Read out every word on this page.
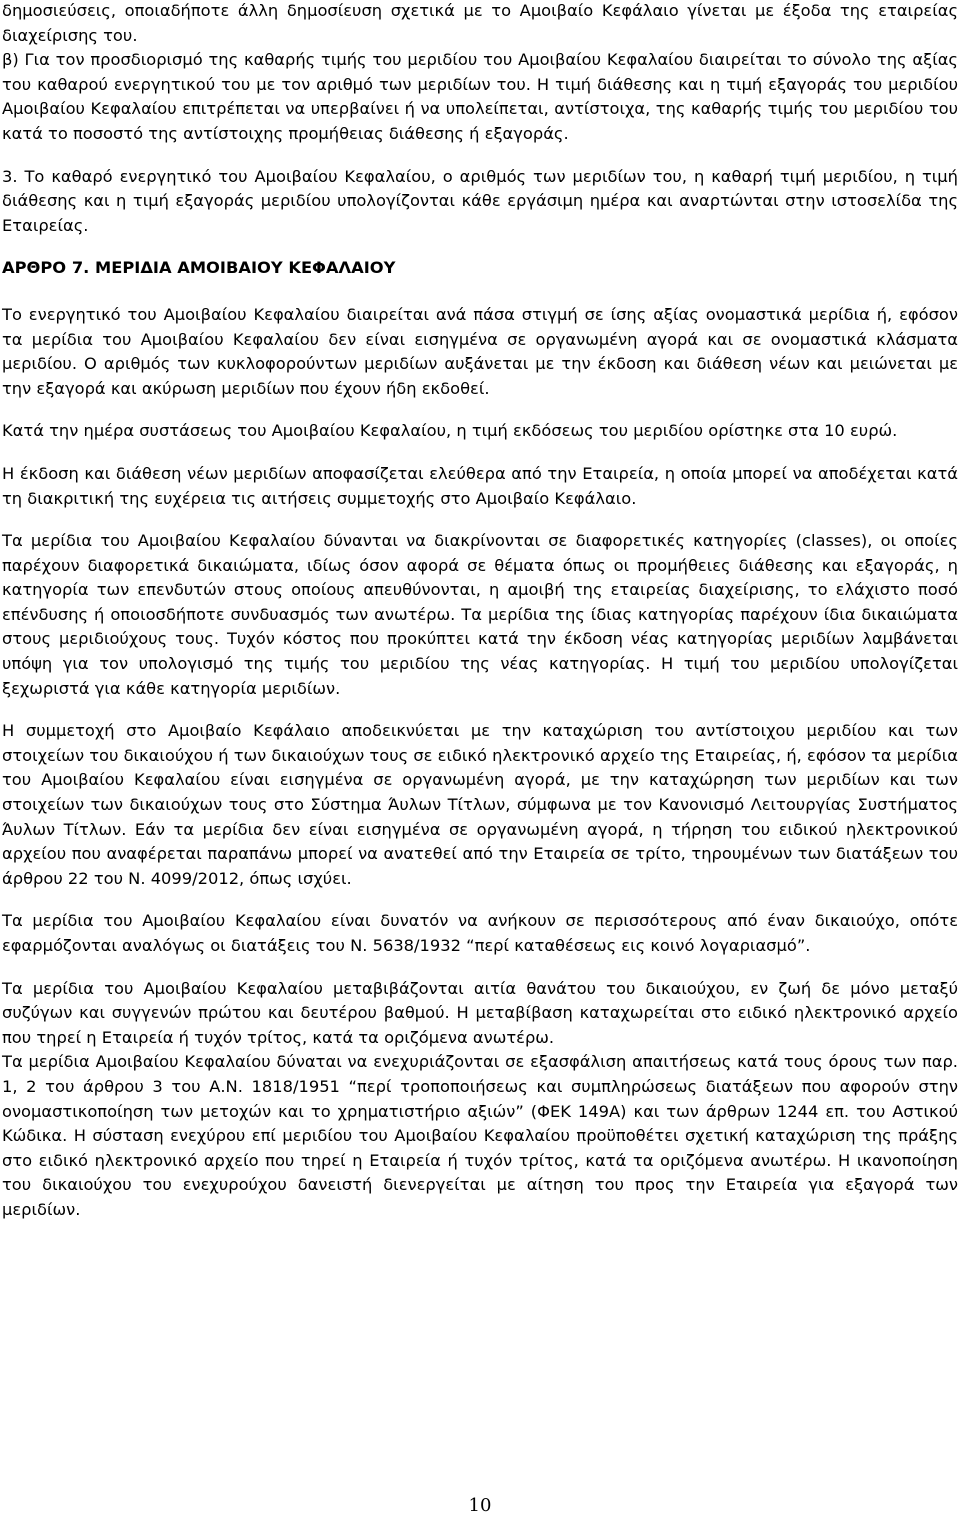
δημοσιεύσεις, οποιαδήποτε άλλη δημοσίευση σχετικά με το Αμοιβαίο Κεφάλαιο γίνεται με έξοδα της εταιρείας διαχείρισης του.

β) Για τον προσδιορισμό της καθαρής τιμής του μεριδίου του Αμοιβαίου Κεφαλαίου διαιρείται το σύνολο της αξίας του καθαρού ενεργητικού του με τον αριθμό των μεριδίων του. Η τιμή διάθεσης και η τιμή εξαγοράς του μεριδίου Αμοιβαίου Κεφαλαίου επιτρέπεται να υπερβαίνει ή να υπολείπεται, αντίστοιχα, της καθαρής τιμής του μεριδίου του κατά το ποσοστό της αντίστοιχης προμήθειας διάθεσης ή εξαγοράς.

3. Το καθαρό ενεργητικό του Αμοιβαίου Κεφαλαίου, ο αριθμός των μεριδίων του, η καθαρή τιμή μεριδίου, η τιμή διάθεσης και η τιμή εξαγοράς μεριδίου υπολογίζονται κάθε εργάσιμη ημέρα και αναρτώνται στην ιστοσελίδα της Εταιρείας.

ΑΡΘΡΟ 7. ΜΕΡΙΔΙΑ ΑΜΟΙΒΑΙΟΥ ΚΕΦΑΛΑΙΟΥ

Το ενεργητικό του Αμοιβαίου Κεφαλαίου διαιρείται ανά πάσα στιγμή σε ίσης αξίας ονομαστικά μερίδια ή, εφόσον τα μερίδια του Αμοιβαίου Κεφαλαίου δεν είναι εισηγμένα σε οργανωμένη αγορά και σε ονομαστικά κλάσματα μεριδίου. Ο αριθμός των κυκλοφορούντων μεριδίων αυξάνεται με την έκδοση και διάθεση νέων και μειώνεται με την εξαγορά και ακύρωση μεριδίων που έχουν ήδη εκδοθεί.

Κατά την ημέρα συστάσεως του Αμοιβαίου Κεφαλαίου, η τιμή εκδόσεως του μεριδίου ορίστηκε στα 10 ευρώ.

Η έκδοση και διάθεση νέων μεριδίων αποφασίζεται ελεύθερα από την Εταιρεία, η οποία μπορεί να αποδέχεται κατά τη διακριτική της ευχέρεια τις αιτήσεις συμμετοχής στο Αμοιβαίο Κεφάλαιο.

Τα μερίδια του Αμοιβαίου Κεφαλαίου δύνανται να διακρίνονται σε διαφορετικές κατηγορίες (classes), οι οποίες παρέχουν διαφορετικά δικαιώματα, ιδίως όσον αφορά σε θέματα όπως οι προμήθειες διάθεσης και εξαγοράς, η κατηγορία των επενδυτών στους οποίους απευθύνονται, η αμοιβή της εταιρείας διαχείρισης, το ελάχιστο ποσό επένδυσης ή οποιοσδήποτε συνδυασμός των ανωτέρω. Τα μερίδια της ίδιας κατηγορίας παρέχουν ίδια δικαιώματα στους μεριδιούχους τους. Τυχόν κόστος που προκύπτει κατά την έκδοση νέας κατηγορίας μεριδίων λαμβάνεται υπόψη για τον υπολογισμό της τιμής του μεριδίου της νέας κατηγορίας. Η τιμή του μεριδίου υπολογίζεται ξεχωριστά για κάθε κατηγορία μεριδίων.

Η συμμετοχή στο Αμοιβαίο Κεφάλαιο αποδεικνύεται με την καταχώριση του αντίστοιχου μεριδίου και των στοιχείων του δικαιούχου ή των δικαιούχων τους σε ειδικό ηλεκτρονικό αρχείο της Εταιρείας, ή, εφόσον τα μερίδια του Αμοιβαίου Κεφαλαίου είναι εισηγμένα σε οργανωμένη αγορά, με την καταχώρηση των μεριδίων και των στοιχείων των δικαιούχων τους στο Σύστημα Άυλων Τίτλων, σύμφωνα με τον Κανονισμό Λειτουργίας Συστήματος Άυλων Τίτλων. Εάν τα μερίδια δεν είναι εισηγμένα σε οργανωμένη αγορά, η τήρηση του ειδικού ηλεκτρονικού αρχείου που αναφέρεται παραπάνω μπορεί να ανατεθεί από την Εταιρεία σε τρίτο, τηρουμένων των διατάξεων του άρθρου 22 του Ν. 4099/2012, όπως ισχύει.

Τα μερίδια του Αμοιβαίου Κεφαλαίου είναι δυνατόν να ανήκουν σε περισσότερους από έναν δικαιούχο, οπότε εφαρμόζονται αναλόγως οι διατάξεις του Ν. 5638/1932 “περί καταθέσεως εις κοινό λογαριασμό”.

Τα μερίδια του Αμοιβαίου Κεφαλαίου μεταβιβάζονται αιτία θανάτου του δικαιούχου, εν ζωή δε μόνο μεταξύ συζύγων και συγγενών πρώτου και δευτέρου βαθμού. Η μεταβίβαση καταχωρείται στο ειδικό ηλεκτρονικό αρχείο που τηρεί η Εταιρεία ή τυχόν τρίτος, κατά τα οριζόμενα ανωτέρω.

Τα μερίδια Αμοιβαίου Κεφαλαίου δύναται να ενεχυριάζονται σε εξασφάλιση απαιτήσεως κατά τους όρους των παρ. 1, 2 του άρθρου 3 του Α.Ν. 1818/1951 “περί τροποποιήσεως και συμπληρώσεως διατάξεων που αφορούν στην ονομαστικοποίηση των μετοχών και το χρηματιστήριο αξιών” (ΦΕΚ 149Α) και των άρθρων 1244 επ. του Αστικού Κώδικα. Η σύσταση ενεχύρου επί μεριδίου του Αμοιβαίου Κεφαλαίου προϋποθέτει σχετική καταχώριση της πράξης στο ειδικό ηλεκτρονικό αρχείο που τηρεί η Εταιρεία ή τυχόν τρίτος, κατά τα οριζόμενα ανωτέρω. Η ικανοποίηση του δικαιούχου του ενεχυρούχου δανειστή διενεργείται με αίτηση του προς την Εταιρεία για εξαγορά των μεριδίων.

10
